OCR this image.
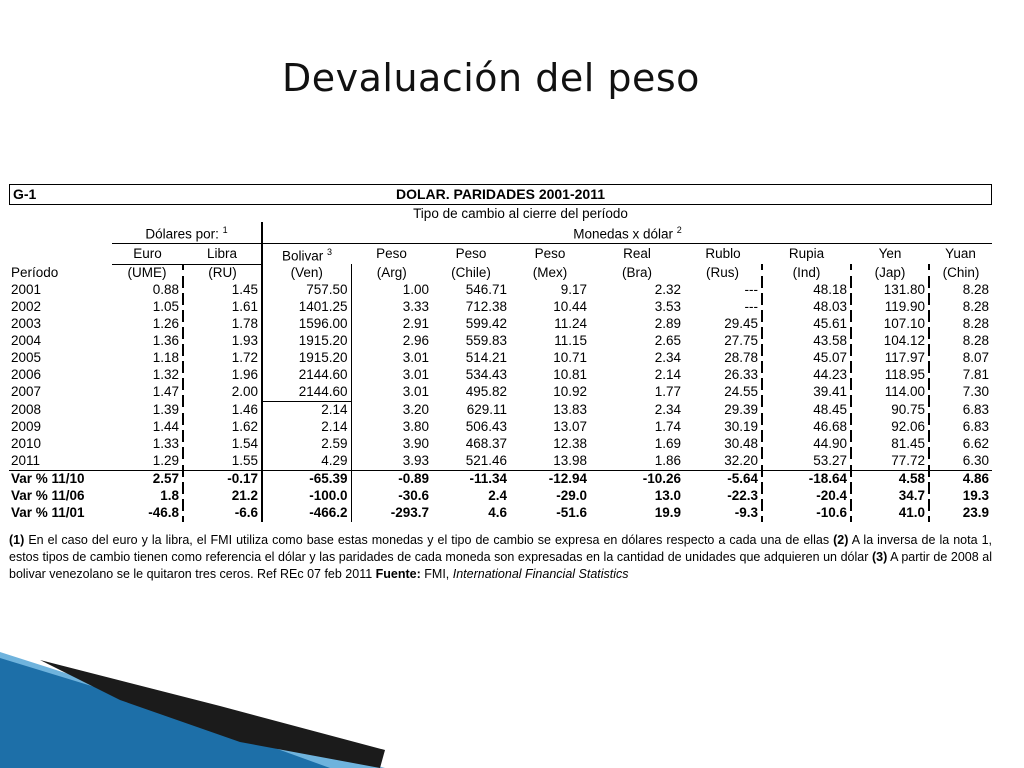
Devaluación del peso
G-1	DOLAR. PARIDADES 2001-2011
Tipo de cambio al cierre del período
	Dólares por: $^1$		Monedas x dólar $^2$
	Euro	Libra	Bolivar $^3$	Peso	Peso	Peso	Real	Rublo	Rupia	Yen	Yuan
Período	(UME)	(RU)	(Ven)	(Arg)	(Chile)	(Mex)	(Bra)	(Rus)	(Ind)	(Jap)	(Chin)
2001	0.88	1.45	757.50	1.00	546.71	9.17	2.32	---	48.18	131.80	8.28
2002	1.05	1.61	1401.25	3.33	712.38	10.44	3.53	---	48.03	119.90	8.28
2003	1.26	1.78	1596.00	2.91	599.42	11.24	2.89	29.45	45.61	107.10	8.28
2004	1.36	1.93	1915.20	2.96	559.83	11.15	2.65	27.75	43.58	104.12	8.28
2005	1.18	1.72	1915.20	3.01	514.21	10.71	2.34	28.78	45.07	117.97	8.07
2006	1.32	1.96	2144.60	3.01	534.43	10.81	2.14	26.33	44.23	118.95	7.81
2007	1.47	2.00	2144.60	3.01	495.82	10.92	1.77	24.55	39.41	114.00	7.30
2008	1.39	1.46	2.14	3.20	629.11	13.83	2.34	29.39	48.45	90.75	6.83
2009	1.44	1.62	2.14	3.80	506.43	13.07	1.74	30.19	46.68	92.06	6.83
2010	1.33	1.54	2.59	3.90	468.37	12.38	1.69	30.48	44.90	81.45	6.62
2011	1.29	1.55	4.29	3.93	521.46	13.98	1.86	32.20	53.27	77.72	6.30
Var % 11/10	2.57	-0.17	-65.39	-0.89	-11.34	-12.94	-10.26	-5.64	-18.64	4.58	4.86
Var % 11/06	1.8	21.2	-100.0	-30.6	2.4	-29.0	13.0	-22.3	-20.4	34.7	19.3
Var % 11/01	-46.8	-6.6	-466.2	-293.7	4.6	-51.6	19.9	-9.3	-10.6	41.0	23.9
(1) En el caso del euro y la libra, el FMI utiliza como base estas monedas y el tipo de cambio se expresa en dólares respecto a cada una de ellas (2) A la inversa de la nota 1, estos tipos de cambio tienen como referencia el dólar y las paridades de cada moneda son expresadas en la cantidad de unidades que adquieren un dólar (3) A partir de 2008 al bolivar venezolano se le quitaron tres ceros. Ref REc 07 feb 2011 Fuente: FMI, International Financial Statistics
